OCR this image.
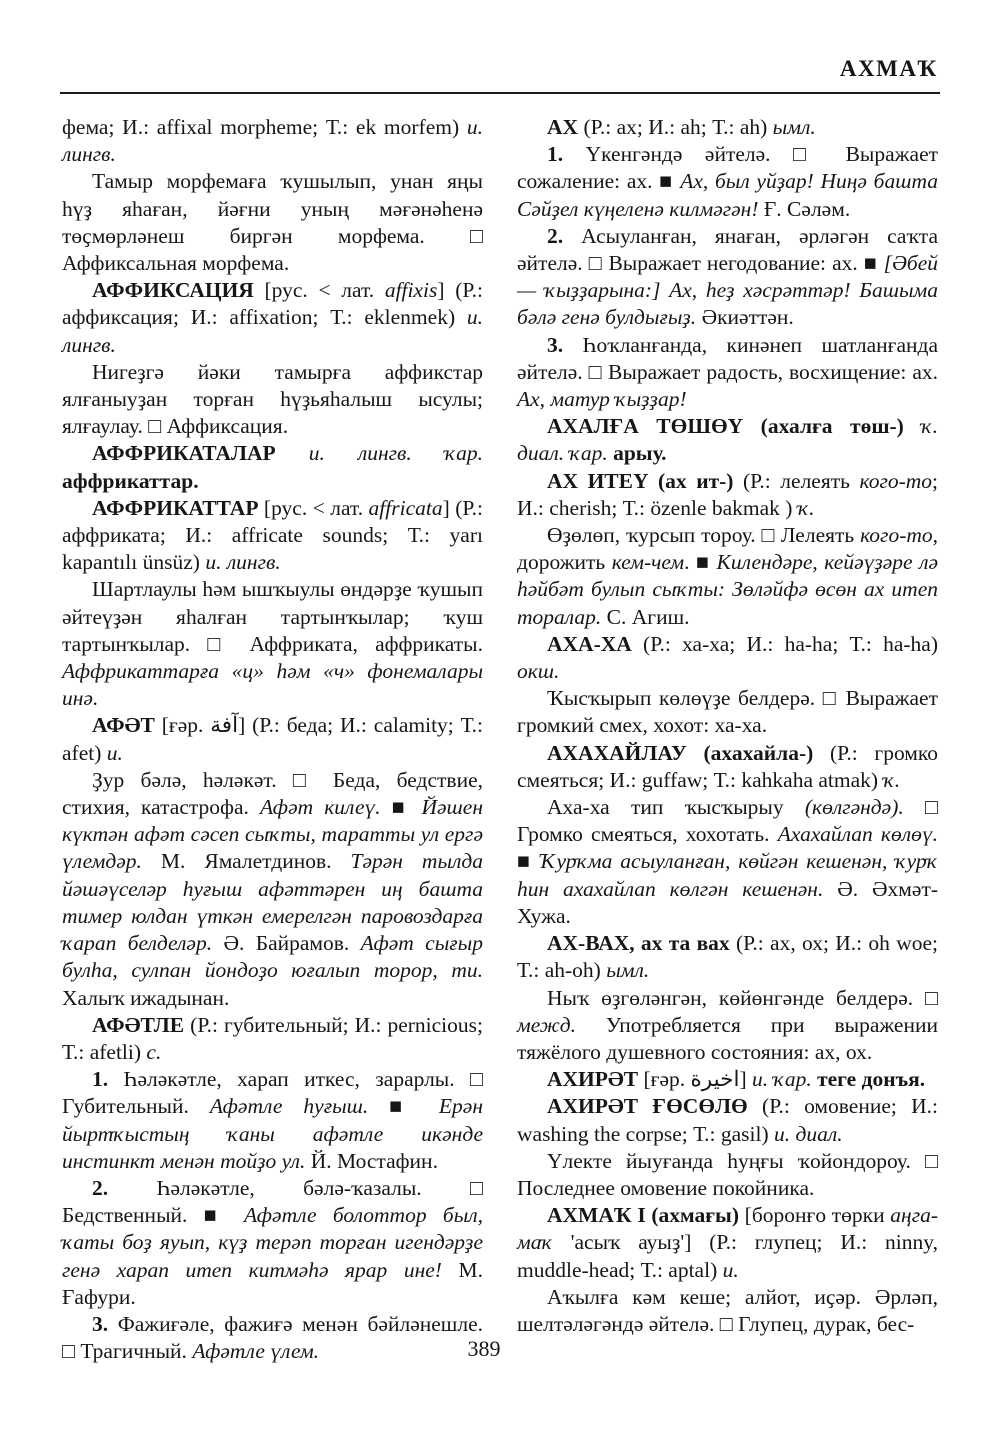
АХМАҠ

фема; И.: affixal morpheme; Т.: ek morfem) и. лингв.

Тамыр морфемаға ҡушылып, унан яңы һүҙ яһаған, йәғни уның мәғәнәһенә төҫмөрләнеш биргән морфема. □ Аффиксальная морфема.

АФФИКСАЦИЯ [рус. < лат. affixis] (Р.: аффиксация; И.: affixation; Т.: eklenmek) и. лингв.

Нигеҙгә йәки тамырға аффикстар ялғаныуҙан торған һүҙьяһалыш ысулы; ялғаулау. □ Аффиксация.

АФФРИКАТАЛАР и. лингв. ҡар. аффрикаттар.

АФФРИКАТТАР [рус. < лат. affricata] (Р.: аффриката; И.: affricate sounds; Т.: yarı kapantılı ünsüz) и. лингв.

Шартлаулы һәм ышҡыулы өндәрҙе ҡушып әйтеүҙән яһалған тартынҡылар; ҡуш тартынҡылар. □ Аффриката, аффрикаты. Аффрикаттарға «ц» һәм «ч» фонемалары инә.

АФӘТ [ғәр. آفة] (Р.: беда; И.: calamity; Т.: afet) и.

Ҙур бәлә, һәләкәт. □ Беда, бедствие, стихия, катастрофа. Афәт килеү. ■ Йәшен күктән афәт сәсеп сыҡты, таратты ул ергә үлемдәр. М. Ямалетдинов. Тәрән тылда йәшәүселәр һуғыш афәттәрен иң башта тимер юлдан үткән емерелгән паровоздарға ҡарап белделәр. Ә. Байрамов. Афәт сығыр булһа, сулпан йондоҙо юғалып торор, ти. Халыҡ ижадынан.

АФӘТЛЕ (Р.: губительный; И.: pernicious; Т.: afetli) с.

1. Һәләкәтле, харап иткес, зарарлы. □ Губительный. Афәтле һуғыш. ■ Ерән йыртҡыстың ҡаны афәтле икәнде инстинкт менән тойҙо ул. Й. Мостафин.

2. Һәләкәтле, бәлә-ҡазалы. □ Бедственный. ■ Афәтле болоттор был, ҡаты боҙ яуып, күҙ терәп торған игендәрҙе генә харап итеп китмәһә ярар ине! М. Ғафури.

3. Фажиғәле, фажиғә менән бәйләнешле. □ Трагичный. Афәтле үлем.

АХ (Р.: ах; И.: ah; Т.: ah) ымл.

1. Үкенгәндә әйтелә. □ Выражает сожаление: ах. ■ Ах, был уйҙар! Ниңә башта Сәйҙел күңеленә килмәгән! Ғ. Сәләм.

2. Асыуланған, янаған, әрләгән саҡта әйтелә. □ Выражает негодование: ах. ■ [Әбей — ҡыҙҙарына:] Ах, һеҙ хәсрәттәр! Башыма бәлә генә булдығыҙ. Әкиәттән.

3. Һоҡланғанда, кинәнеп шатланғанда әйтелә. □ Выражает радость, восхищение: ах. Ах, матур ҡыҙҙар!

АХАЛҒА ТӨШӨҮ (ахалға төш-) ҡ. диал. ҡар. арыу.

АХ ИТЕҮ (ах ит-) (Р.: лелеять кого-то; И.: cherish; Т.: özenle bakmak ) ҡ.

Өҙөлөп, ҡурсып тороу. □ Лелеять кого-то, дорожить кем-чем. ■ Килендәре, кейәүҙәре лә һәйбәт булып сыҡты: Зөләйфә өсөн ах итеп торалар. С. Агиш.

АХА-ХА (Р.: ха-ха; И.: ha-ha; Т.: ha-ha) окш.

Ҡысҡырып көлөүҙе белдерә. □ Выражает громкий смех, хохот: ха-ха.

АХАХАЙЛАУ (ахахайла-) (Р.: громко смеяться; И.: guffaw; Т.: kahkaha atmak) ҡ.

Аха-ха тип ҡысҡырыу (көлгәндә). □ Громко смеяться, хохотать. Ахахайлап көлөү. ■ Ҡурҡма асыуланған, көйгән кешенән, ҡурҡ һин ахахайлап көлгән кешенән. Ә. Әхмәт-Хужа.

АХ-ВАХ, ах та вах (Р.: ах, ох; И.: oh woe; Т.: ah-oh) ымл.

Ныҡ өҙгөләнгән, көйөнгәнде белдерә. □ межд. Употребляется при выражении тяжёлого душевного состояния: ах, ох.

АХИРӘТ [ғәр. اخيرة] и. ҡар. теге донъя.

АХИРӘТ ҒӨСӨЛӨ (Р.: омовение; И.: washing the corpse; Т.: gasil) и. диал.

Үлекте йыуғанда һуңғы ҡойондороу. □ Последнее омовение покойника.

АХМАҠ I (ахмағы) [боронғо төрки аңга-маҡ 'асыҡ ауыҙ'] (Р.: глупец; И.: ninny, muddle-head; Т.: aptal) и.

Аҡылға кәм кеше; алйот, иҫәр. Әрләп, шелтәләгәндә әйтелә. □ Глупец, дурак, бес-

389
